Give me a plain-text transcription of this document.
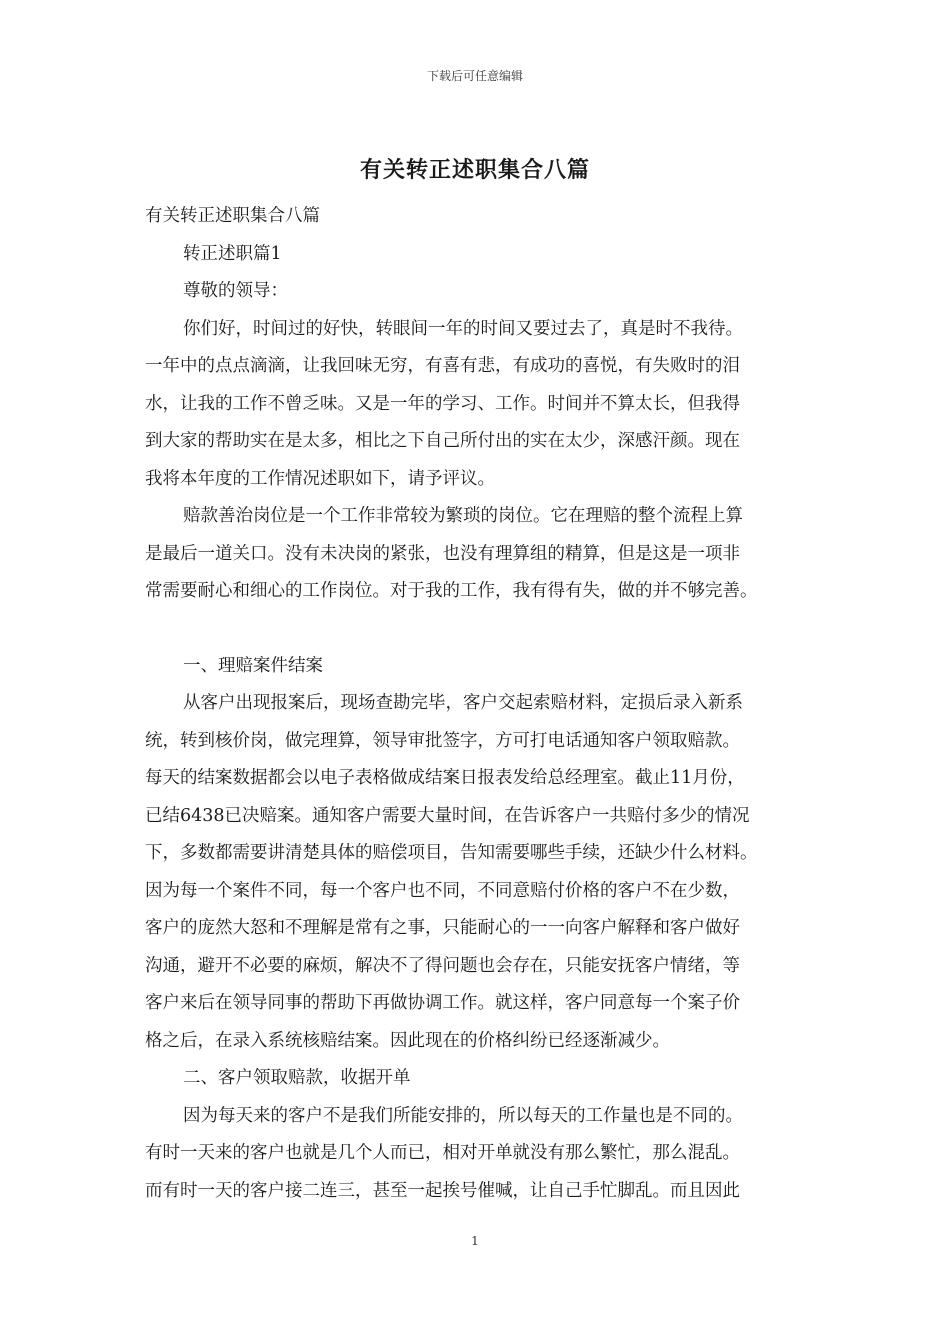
下载后可任意编辑
有关转正述职集合八篇

有关转正述职集合八篇

转正述职篇1

尊敬的领导：

你们好，时间过的好快，转眼间一年的时间又要过去了，真是时不我待。

一年中的点点滴滴，让我回味无穷，有喜有悲，有成功的喜悦，有失败时的泪

水，让我的工作不曾乏味。又是一年的学习、工作。时间并不算太长，但我得

到大家的帮助实在是太多，相比之下自己所付出的实在太少，深感汗颜。现在

我将本年度的工作情况述职如下，请予评议。

赔款善治岗位是一个工作非常较为繁琐的岗位。它在理赔的整个流程上算

是最后一道关口。没有未决岗的紧张，也没有理算组的精算，但是这是一项非

常需要耐心和细心的工作岗位。对于我的工作，我有得有失，做的并不够完善。

一、理赔案件结案

从客户出现报案后，现场查勘完毕，客户交起索赔材料，定损后录入新系

统，转到核价岗，做完理算，领导审批签字，方可打电话通知客户领取赔款。

每天的结案数据都会以电子表格做成结案日报表发给总经理室。截止11月份，

已结6438已决赔案。通知客户需要大量时间，在告诉客户一共赔付多少的情况

下，多数都需要讲清楚具体的赔偿项目，告知需要哪些手续，还缺少什么材料。

因为每一个案件不同，每一个客户也不同，不同意赔付价格的客户不在少数，

客户的庞然大怒和不理解是常有之事，只能耐心的一一向客户解释和客户做好

沟通，避开不必要的麻烦，解决不了得问题也会存在，只能安抚客户情绪，等

客户来后在领导同事的帮助下再做协调工作。就这样，客户同意每一个案子价

格之后，在录入系统核赔结案。因此现在的价格纠纷已经逐渐减少。

二、客户领取赔款，收据开单

因为每天来的客户不是我们所能安排的，所以每天的工作量也是不同的。

有时一天来的客户也就是几个人而已，相对开单就没有那么繁忙，那么混乱。

而有时一天的客户接二连三，甚至一起挨号催喊，让自己手忙脚乱。而且因此

1
